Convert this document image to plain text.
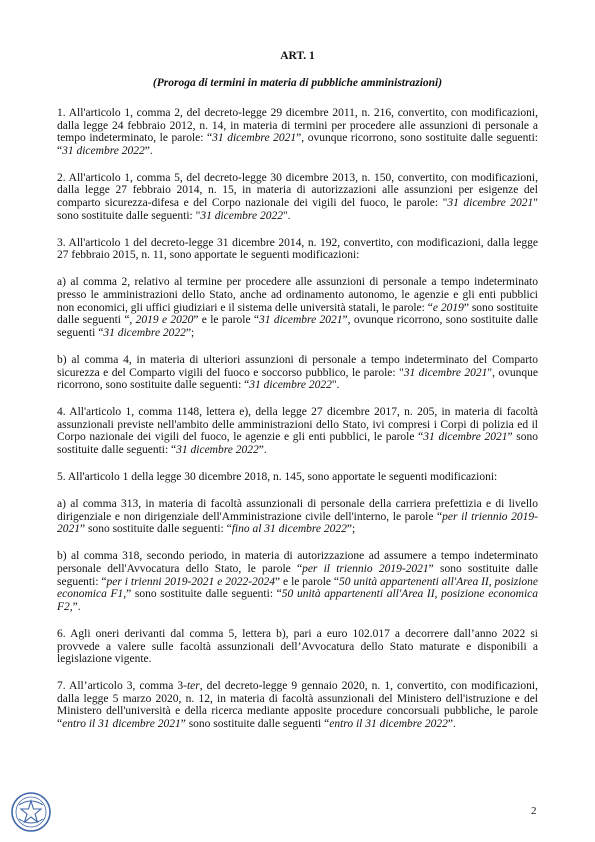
ART. 1

(Proroga di termini in materia di pubbliche amministrazioni)

1. All'articolo 1, comma 2, del decreto-legge 29 dicembre 2011, n. 216, convertito, con modificazioni, dalla legge 24 febbraio 2012, n. 14, in materia di termini per procedere alle assunzioni di personale a tempo indeterminato, le parole: “31 dicembre 2021”, ovunque ricorrono, sono sostituite dalle seguenti: “31 dicembre 2022”.

2. All'articolo 1, comma 5, del decreto-legge 30 dicembre 2013, n. 150, convertito, con modificazioni, dalla legge 27 febbraio 2014, n. 15, in materia di autorizzazioni alle assunzioni per esigenze del comparto sicurezza-difesa e del Corpo nazionale dei vigili del fuoco, le parole: "31 dicembre 2021" sono sostituite dalle seguenti: "31 dicembre 2022".

3. All'articolo 1 del decreto-legge 31 dicembre 2014, n. 192, convertito, con modificazioni, dalla legge 27 febbraio 2015, n. 11, sono apportate le seguenti modificazioni:

a) al comma 2, relativo al termine per procedere alle assunzioni di personale a tempo indeterminato presso le amministrazioni dello Stato, anche ad ordinamento autonomo, le agenzie e gli enti pubblici non economici, gli uffici giudiziari e il sistema delle università statali, le parole: “e 2019” sono sostituite dalle seguenti “, 2019 e 2020” e le parole “31 dicembre 2021”, ovunque ricorrono, sono sostituite dalle seguenti “31 dicembre 2022”;

b) al comma 4, in materia di ulteriori assunzioni di personale a tempo indeterminato del Comparto sicurezza e del Comparto vigili del fuoco e soccorso pubblico, le parole: "31 dicembre 2021", ovunque ricorrono, sono sostituite dalle seguenti: “31 dicembre 2022".

4. All'articolo 1, comma 1148, lettera e), della legge 27 dicembre 2017, n. 205, in materia di facoltà assunzionali previste nell'ambito delle amministrazioni dello Stato, ivi compresi i Corpi di polizia ed il Corpo nazionale dei vigili del fuoco, le agenzie e gli enti pubblici, le parole “31 dicembre 2021” sono sostituite dalle seguenti: “31 dicembre 2022”.

5. All'articolo 1 della legge 30 dicembre 2018, n. 145, sono apportate le seguenti modificazioni:

a) al comma 313, in materia di facoltà assunzionali di personale della carriera prefettizia e di livello dirigenziale e non dirigenziale dell'Amministrazione civile dell'interno, le parole “per il triennio 2019-2021” sono sostituite dalle seguenti: “fino al 31 dicembre 2022”;

b) al comma 318, secondo periodo, in materia di autorizzazione ad assumere a tempo indeterminato personale dell'Avvocatura dello Stato, le parole “per il triennio 2019-2021” sono sostituite dalle seguenti: “per i trienni 2019-2021 e 2022-2024” e le parole “50 unità appartenenti all'Area II, posizione economica F1,” sono sostituite dalle seguenti: “50 unità appartenenti all'Area II, posizione economica F2,”.

6. Agli oneri derivanti dal comma 5, lettera b), pari a euro 102.017 a decorrere dall’anno 2022 si provvede a valere sulle facoltà assunzionali dell’Avvocatura dello Stato maturate e disponibili a legislazione vigente.

7. All’articolo 3, comma 3-ter, del decreto-legge 9 gennaio 2020, n. 1, convertito, con modificazioni, dalla legge 5 marzo 2020, n. 12, in materia di facoltà assunzionali del Ministero dell'istruzione e del Ministero dell'università e della ricerca mediante apposite procedure concorsuali pubbliche, le parole “entro il 31 dicembre 2021” sono sostituite dalle seguenti “entro il 31 dicembre 2022”.

2
